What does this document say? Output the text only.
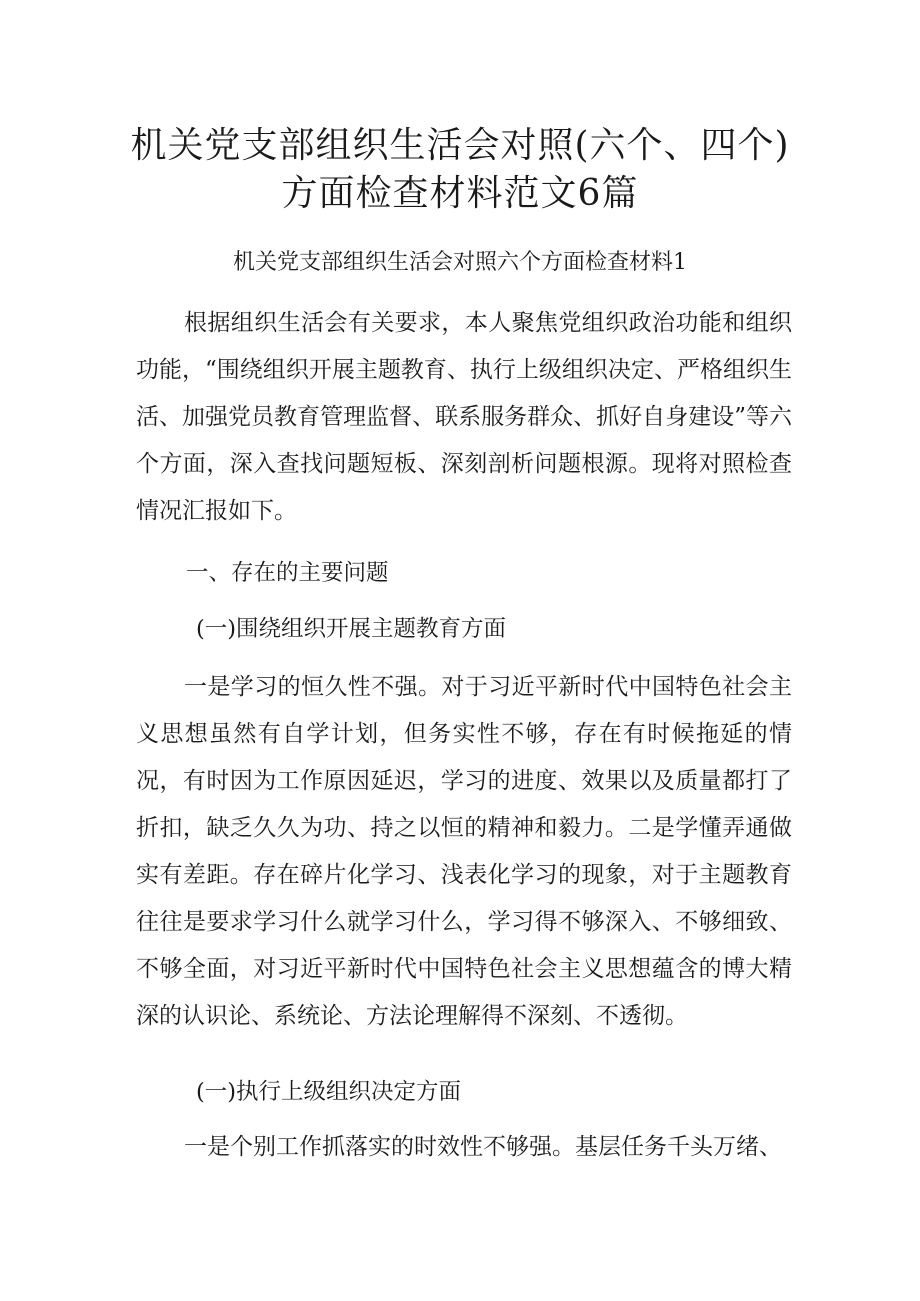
机关党支部组织生活会对照(六个、四个)
方面检查材料范文6篇
机关党支部组织生活会对照六个方面检查材料1

根据组织生活会有关要求，本人聚焦党组织政治功能和组织功能，“围绕组织开展主题教育、执行上级组织决定、严格组织生活、加强党员教育管理监督、联系服务群众、抓好自身建设”等六个方面，深入查找问题短板、深刻剖析问题根源。现将对照检查情况汇报如下。

一、存在的主要问题
(一)围绕组织开展主题教育方面

一是学习的恒久性不强。对于习近平新时代中国特色社会主义思想虽然有自学计划，但务实性不够，存在有时候拖延的情况，有时因为工作原因延迟，学习的进度、效果以及质量都打了折扣，缺乏久久为功、持之以恒的精神和毅力。二是学懂弄通做实有差距。存在碎片化学习、浅表化学习的现象，对于主题教育往往是要求学习什么就学习什么，学习得不够深入、不够细致、不够全面，对习近平新时代中国特色社会主义思想蕴含的博大精深的认识论、系统论、方法论理解得不深刻、不透彻。

(一)执行上级组织决定方面

一是个别工作抓落实的时效性不够强。基层任务千头万绪、
